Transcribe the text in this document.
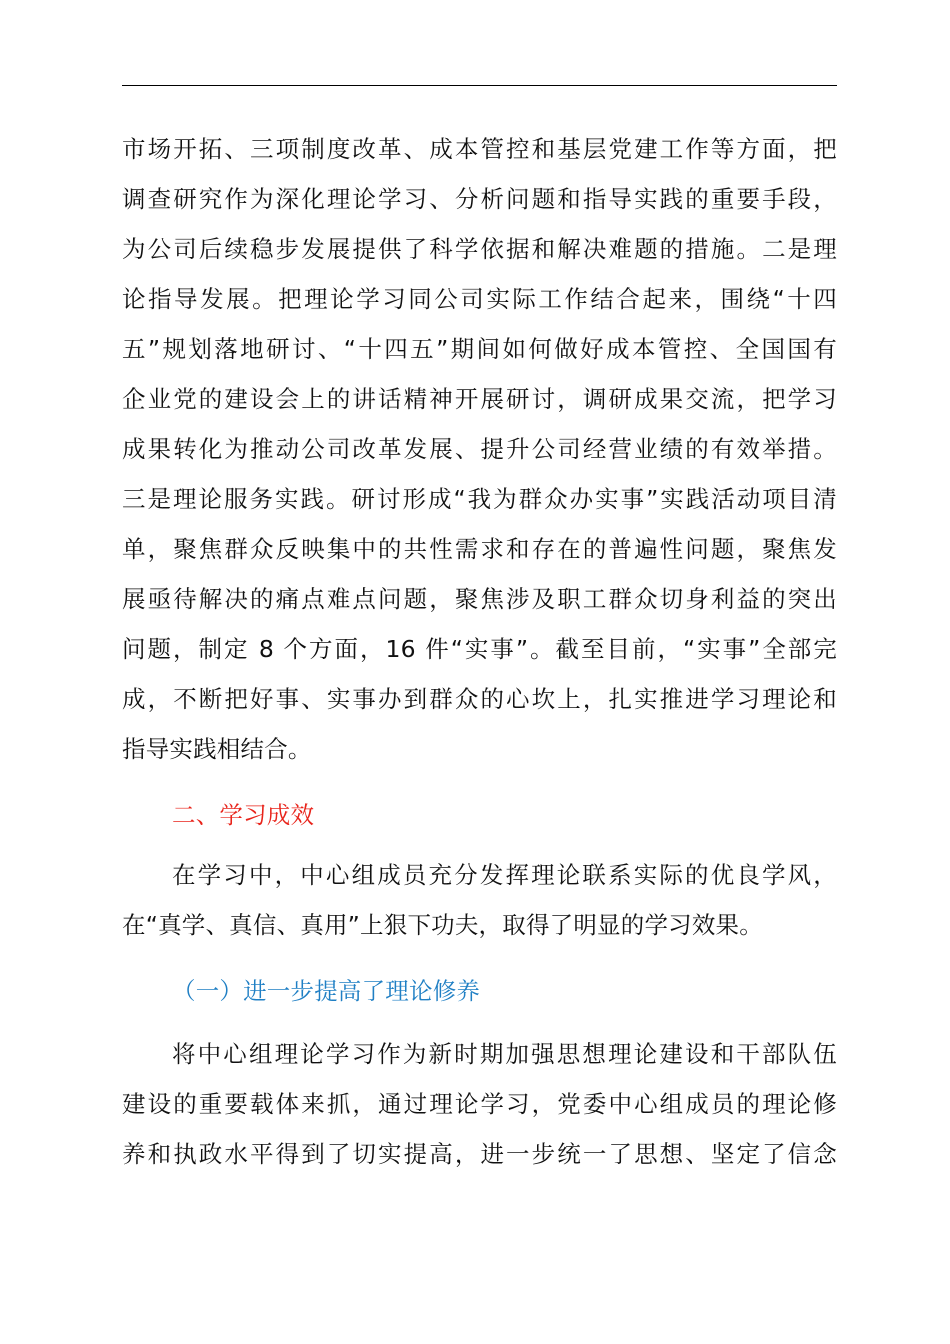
市场开拓、三项制度改革、成本管控和基层党建工作等方面，把
调查研究作为深化理论学习、分析问题和指导实践的重要手段，
为公司后续稳步发展提供了科学依据和解决难题的措施。二是理
论指导发展。把理论学习同公司实际工作结合起来，围绕“十四
五”规划落地研讨、“十四五”期间如何做好成本管控、全国国有
企业党的建设会上的讲话精神开展研讨，调研成果交流，把学习
成果转化为推动公司改革发展、提升公司经营业绩的有效举措。
三是理论服务实践。研讨形成“我为群众办实事”实践活动项目清
单，聚焦群众反映集中的共性需求和存在的普遍性问题，聚焦发
展亟待解决的痛点难点问题，聚焦涉及职工群众切身利益的突出
问题，制定 8 个方面，16 件“实事”。截至目前，“实事”全部完
成，不断把好事、实事办到群众的心坎上，扎实推进学习理论和
指导实践相结合。
二、学习成效
在学习中，中心组成员充分发挥理论联系实际的优良学风，
在“真学、真信、真用”上狠下功夫，取得了明显的学习效果。
（一）进一步提高了理论修养
将中心组理论学习作为新时期加强思想理论建设和干部队伍
建设的重要载体来抓，通过理论学习，党委中心组成员的理论修
养和执政水平得到了切实提高，进一步统一了思想、坚定了信念
